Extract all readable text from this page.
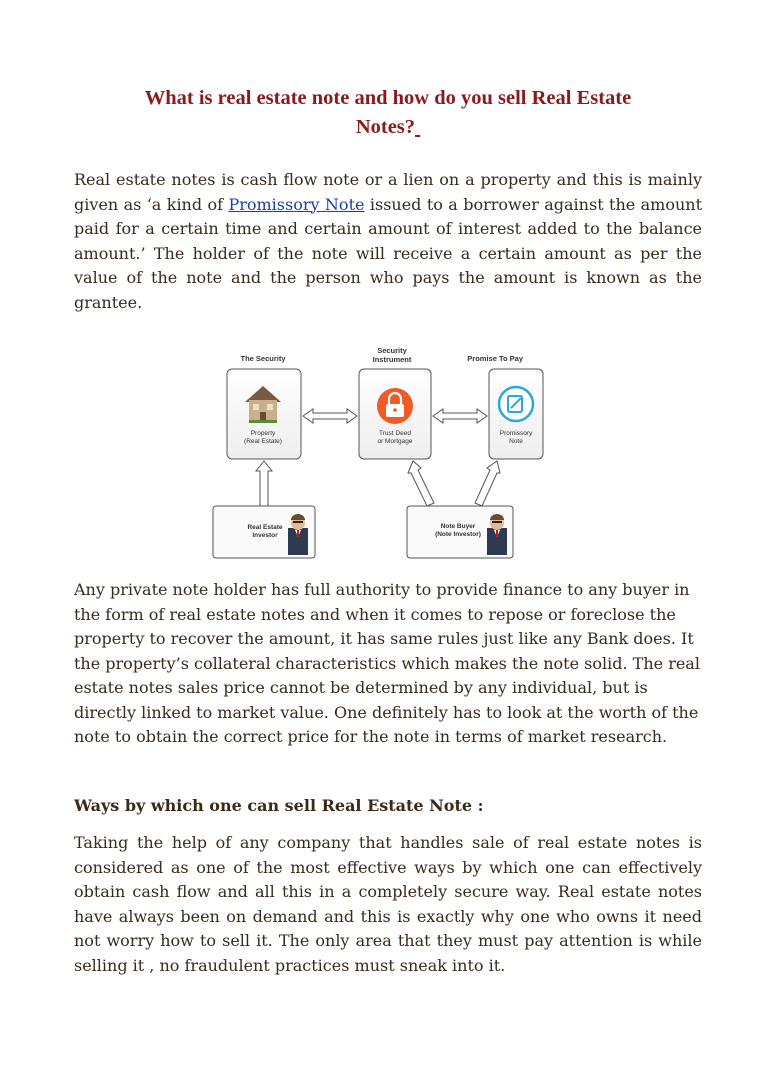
What is real estate note and how do you sell Real Estate
Notes?
Real estate notes is cash flow note or a lien on a property and this is mainly given as ‘a kind of Promissory Note issued to a borrower against the amount paid for a certain time and certain amount of interest added to the balance amount.’ The holder of the note will receive a certain amount as per the value of the note and the person who pays the amount is known as the grantee.
The Security
Security
Instrument	Promise To Pay
Property
(Real Estate)
Trust Deed
or Mortgage
Promissory
Note
Real Estate
Investor
Note Buyer
(Note Investor)
Any private note holder has full authority to provide finance to any buyer in the form of real estate notes and when it comes to repose or foreclose the property to recover the amount, it has same rules just like any Bank does. It the property’s collateral characteristics which makes the note solid. The real estate notes sales price cannot be determined by any individual, but is directly linked to market value. One definitely has to look at the worth of the note to obtain the correct price for the note in terms of market research.
Ways by which one can sell Real Estate Note :
Taking the help of any company that handles sale of real estate notes is considered as one of the most effective ways by which one can effectively obtain cash flow and all this in a completely secure way. Real estate notes have always been on demand and this is exactly why one who owns it need not worry how to sell it. The only area that they must pay attention is while selling it , no fraudulent practices must sneak into it.
